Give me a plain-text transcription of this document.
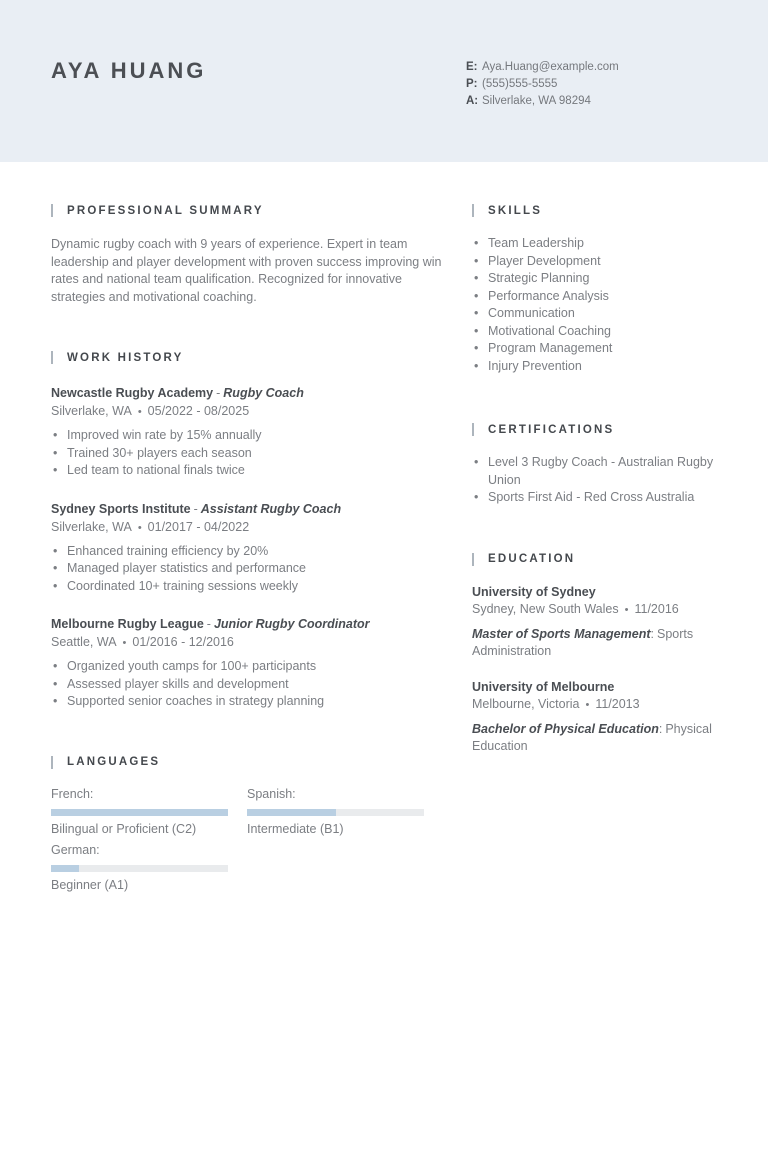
AYA HUANG	E: Aya.Huang@example.com
P: (555)555-5555
A: Silverlake, WA 98294
PROFESSIONAL SUMMARY

Dynamic rugby coach with 9 years of experience. Expert in team leadership and player development with proven success improving win rates and national team qualification. Recognized for innovative strategies and motivational coaching.

WORK HISTORY
Newcastle Rugby Academy - Rugby Coach
Silverlake, WA • 05/2022 - 08/2025
• Improved win rate by 15% annually
• Trained 30+ players each season
• Led team to national finals twice
Sydney Sports Institute - Assistant Rugby Coach
Silverlake, WA • 01/2017 - 04/2022
• Enhanced training efficiency by 20%
• Managed player statistics and performance
• Coordinated 10+ training sessions weekly
Melbourne Rugby League - Junior Rugby Coordinator
Seattle, WA • 01/2016 - 12/2016
• Organized youth camps for 100+ participants
• Assessed player skills and development
• Supported senior coaches in strategy planning
LANGUAGES
French:
Bilingual or Proficient (C2)
Spanish:
Intermediate (B1)
German:
Beginner (A1)
SKILLS
• Team Leadership
• Player Development
• Strategic Planning
• Performance Analysis
• Communication
• Motivational Coaching
• Program Management
• Injury Prevention
CERTIFICATIONS
• Level 3 Rugby Coach - Australian Rugby Union
• Sports First Aid - Red Cross Australia
EDUCATION
University of Sydney
Sydney, New South Wales • 11/2016
Master of Sports Management: Sports Administration
University of Melbourne
Melbourne, Victoria • 11/2013
Bachelor of Physical Education: Physical Education
